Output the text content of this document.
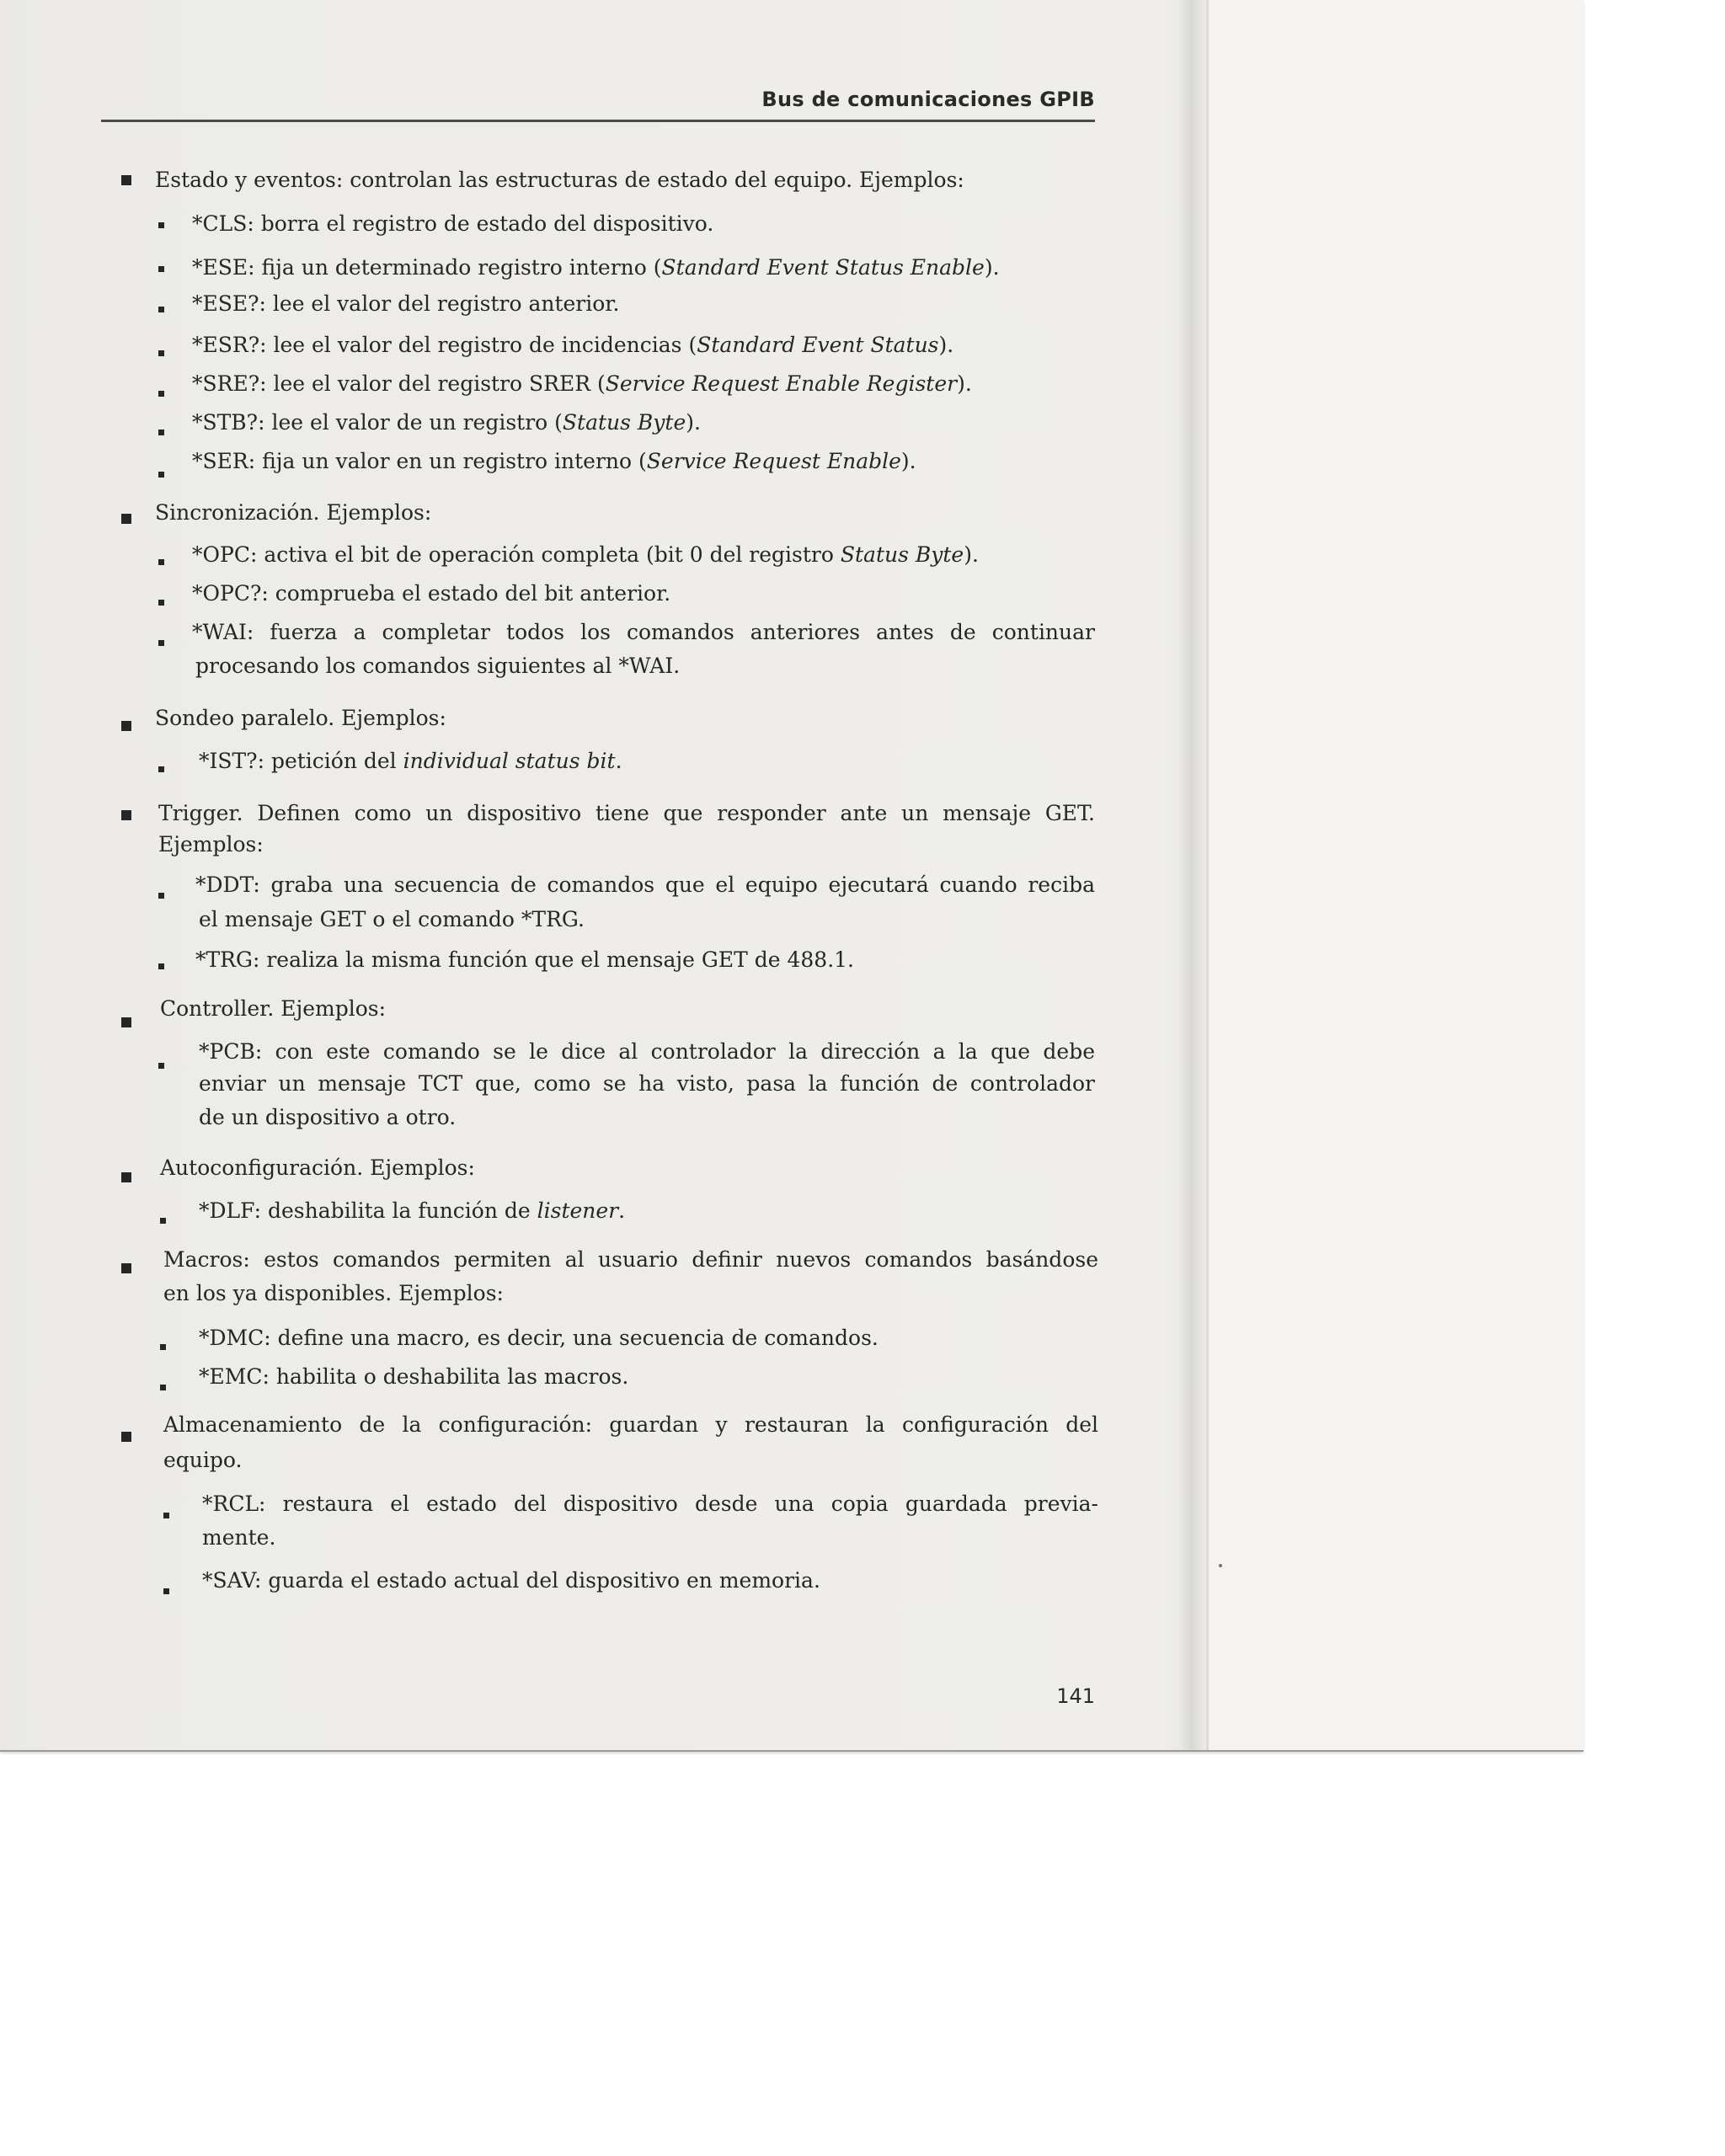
Bus de comunicaciones GPIB
Estado y eventos: controlan las estructuras de estado del equipo. Ejemplos:
*CLS: borra el registro de estado del dispositivo.
*ESE: fija un determinado registro interno (Standard Event Status Enable).
*ESE?: lee el valor del registro anterior.
*ESR?: lee el valor del registro de incidencias (Standard Event Status).
*SRE?: lee el valor del registro SRER (Service Request Enable Register).
*STB?: lee el valor de un registro (Status Byte).
*SER: fija un valor en un registro interno (Service Request Enable).
Sincronización. Ejemplos:
*OPC: activa el bit de operación completa (bit 0 del registro Status Byte).
*OPC?: comprueba el estado del bit anterior.
*WAI: fuerza a completar todos los comandos anteriores antes de continuar
procesando los comandos siguientes al *WAI.
Sondeo paralelo. Ejemplos:
*IST?: petición del individual status bit.
Trigger. Definen como un dispositivo tiene que responder ante un mensaje GET.
Ejemplos:
*DDT: graba una secuencia de comandos que el equipo ejecutará cuando reciba
el mensaje GET o el comando *TRG.
*TRG: realiza la misma función que el mensaje GET de 488.1.
Controller. Ejemplos:
*PCB: con este comando se le dice al controlador la dirección a la que debe
enviar un mensaje TCT que, como se ha visto, pasa la función de controlador
de un dispositivo a otro.
Autoconfiguración. Ejemplos:
*DLF: deshabilita la función de listener.
Macros: estos comandos permiten al usuario definir nuevos comandos basándose
en los ya disponibles. Ejemplos:
*DMC: define una macro, es decir, una secuencia de comandos.
*EMC: habilita o deshabilita las macros.
Almacenamiento de la configuración: guardan y restauran la configuración del
equipo.
*RCL: restaura el estado del dispositivo desde una copia guardada previa-
mente.
*SAV: guarda el estado actual del dispositivo en memoria.
141
